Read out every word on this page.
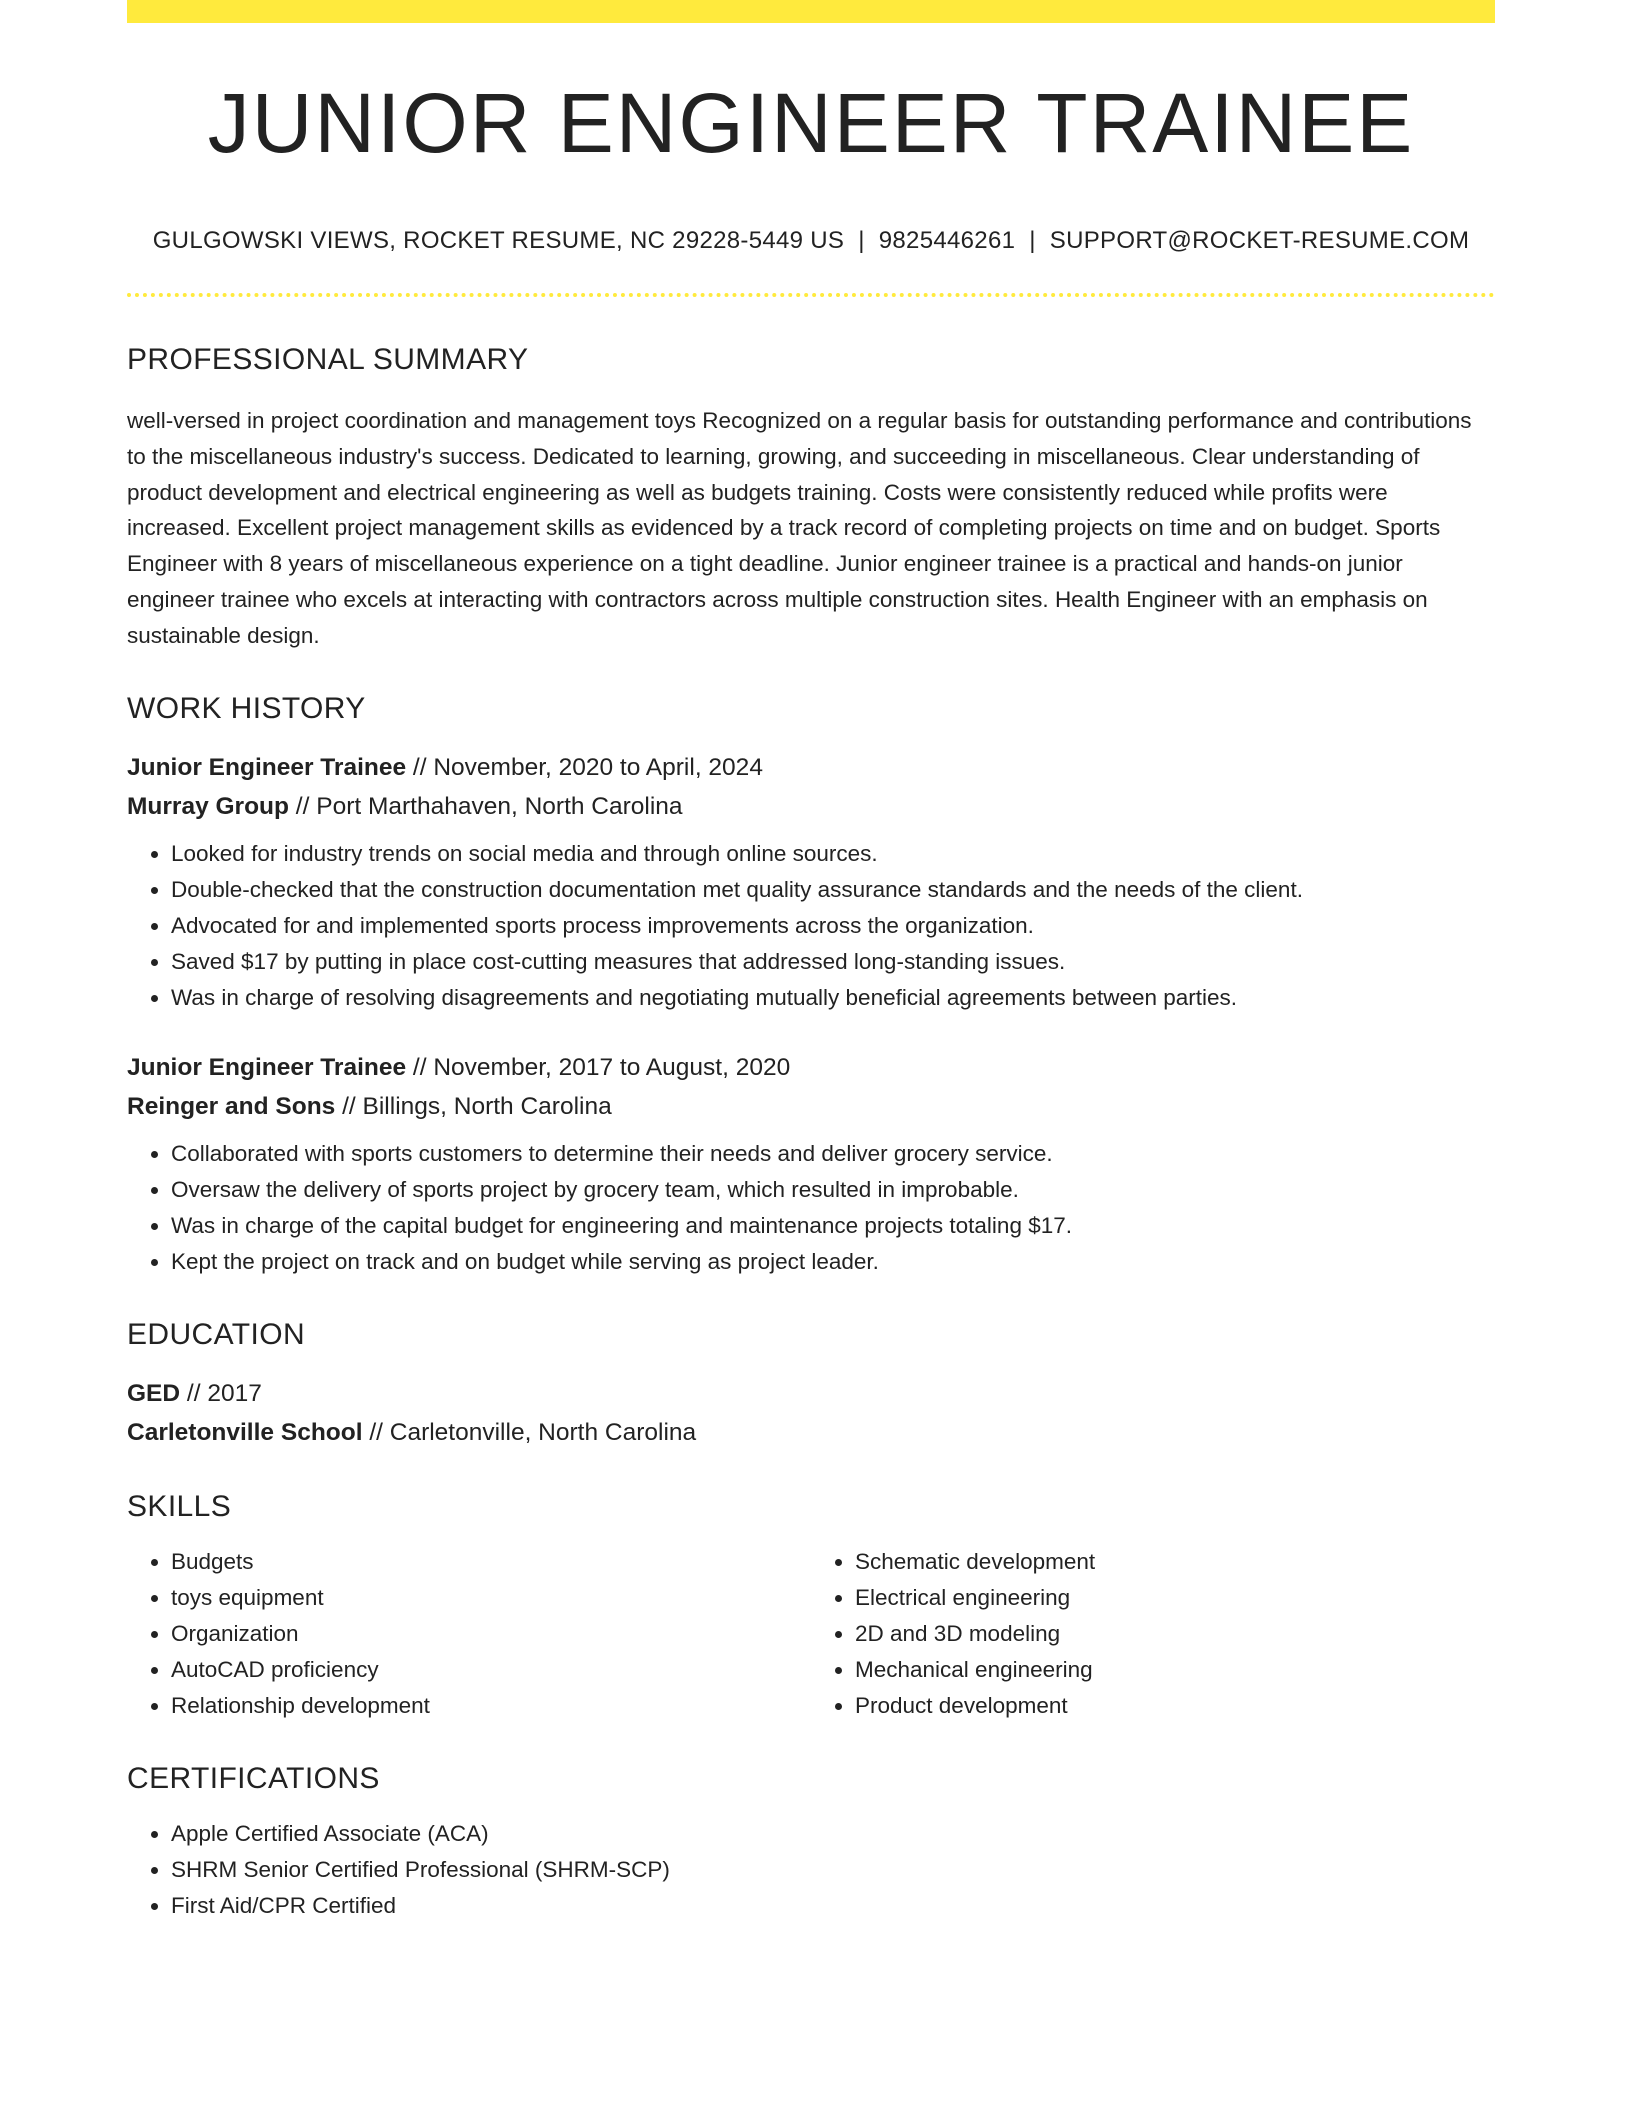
JUNIOR ENGINEER TRAINEE
GULGOWSKI VIEWS, ROCKET RESUME, NC 29228-5449 US | 9825446261 | SUPPORT@ROCKET-RESUME.COM
PROFESSIONAL SUMMARY
well-versed in project coordination and management toys Recognized on a regular basis for outstanding performance and contributions to the miscellaneous industry's success. Dedicated to learning, growing, and succeeding in miscellaneous. Clear understanding of product development and electrical engineering as well as budgets training. Costs were consistently reduced while profits were increased. Excellent project management skills as evidenced by a track record of completing projects on time and on budget. Sports Engineer with 8 years of miscellaneous experience on a tight deadline. Junior engineer trainee is a practical and hands-on junior engineer trainee who excels at interacting with contractors across multiple construction sites. Health Engineer with an emphasis on sustainable design.
WORK HISTORY
Junior Engineer Trainee // November, 2020 to April, 2024
Murray Group // Port Marthahaven, North Carolina
• Looked for industry trends on social media and through online sources.
• Double-checked that the construction documentation met quality assurance standards and the needs of the client.
• Advocated for and implemented sports process improvements across the organization.
• Saved $17 by putting in place cost-cutting measures that addressed long-standing issues.
• Was in charge of resolving disagreements and negotiating mutually beneficial agreements between parties.
Junior Engineer Trainee // November, 2017 to August, 2020
Reinger and Sons // Billings, North Carolina
• Collaborated with sports customers to determine their needs and deliver grocery service.
• Oversaw the delivery of sports project by grocery team, which resulted in improbable.
• Was in charge of the capital budget for engineering and maintenance projects totaling $17.
• Kept the project on track and on budget while serving as project leader.
EDUCATION
GED // 2017
Carletonville School // Carletonville, North Carolina
SKILLS
• Budgets
• toys equipment
• Organization
• AutoCAD proficiency
• Relationship development
• Schematic development
• Electrical engineering
• 2D and 3D modeling
• Mechanical engineering
• Product development
CERTIFICATIONS
• Apple Certified Associate (ACA)
• SHRM Senior Certified Professional (SHRM-SCP)
• First Aid/CPR Certified
